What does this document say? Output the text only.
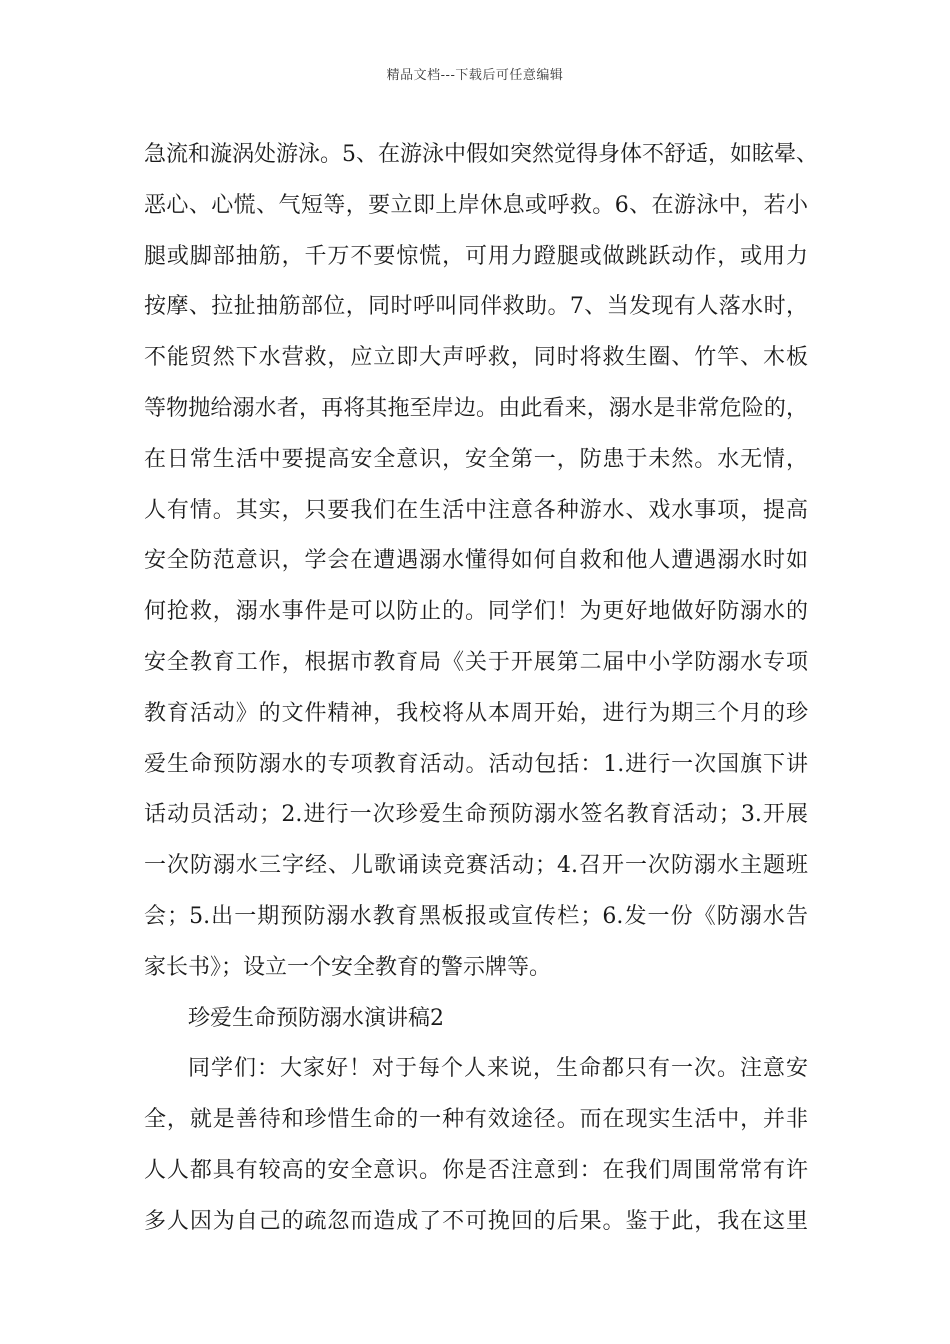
精品文档---下载后可任意编辑
急流和漩涡处游泳。5、在游泳中假如突然觉得身体不舒适，如眩晕、
恶心、心慌、气短等，要立即上岸休息或呼救。6、在游泳中，若小
腿或脚部抽筋，千万不要惊慌，可用力蹬腿或做跳跃动作，或用力
按摩、拉扯抽筋部位，同时呼叫同伴救助。7、当发现有人落水时，
不能贸然下水营救，应立即大声呼救，同时将救生圈、竹竿、木板
等物抛给溺水者，再将其拖至岸边。由此看来，溺水是非常危险的，
在日常生活中要提高安全意识，安全第一，防患于未然。水无情，
人有情。其实，只要我们在生活中注意各种游水、戏水事项，提高
安全防范意识，学会在遭遇溺水懂得如何自救和他人遭遇溺水时如
何抢救，溺水事件是可以防止的。同学们！为更好地做好防溺水的
安全教育工作，根据市教育局《关于开展第二届中小学防溺水专项
教育活动》的文件精神，我校将从本周开始，进行为期三个月的珍
爱生命预防溺水的专项教育活动。活动包括：1.进行一次国旗下讲
话动员活动；2.进行一次珍爱生命预防溺水签名教育活动；3.开展
一次防溺水三字经、儿歌诵读竞赛活动；4.召开一次防溺水主题班
会；5.出一期预防溺水教育黑板报或宣传栏；6.发一份《防溺水告
家长书》；设立一个安全教育的警示牌等。
珍爱生命预防溺水演讲稿2
同学们：大家好！对于每个人来说，生命都只有一次。注意安
全，就是善待和珍惜生命的一种有效途径。而在现实生活中，并非
人人都具有较高的安全意识。你是否注意到：在我们周围常常有许
多人因为自己的疏忽而造成了不可挽回的后果。鉴于此，我在这里
